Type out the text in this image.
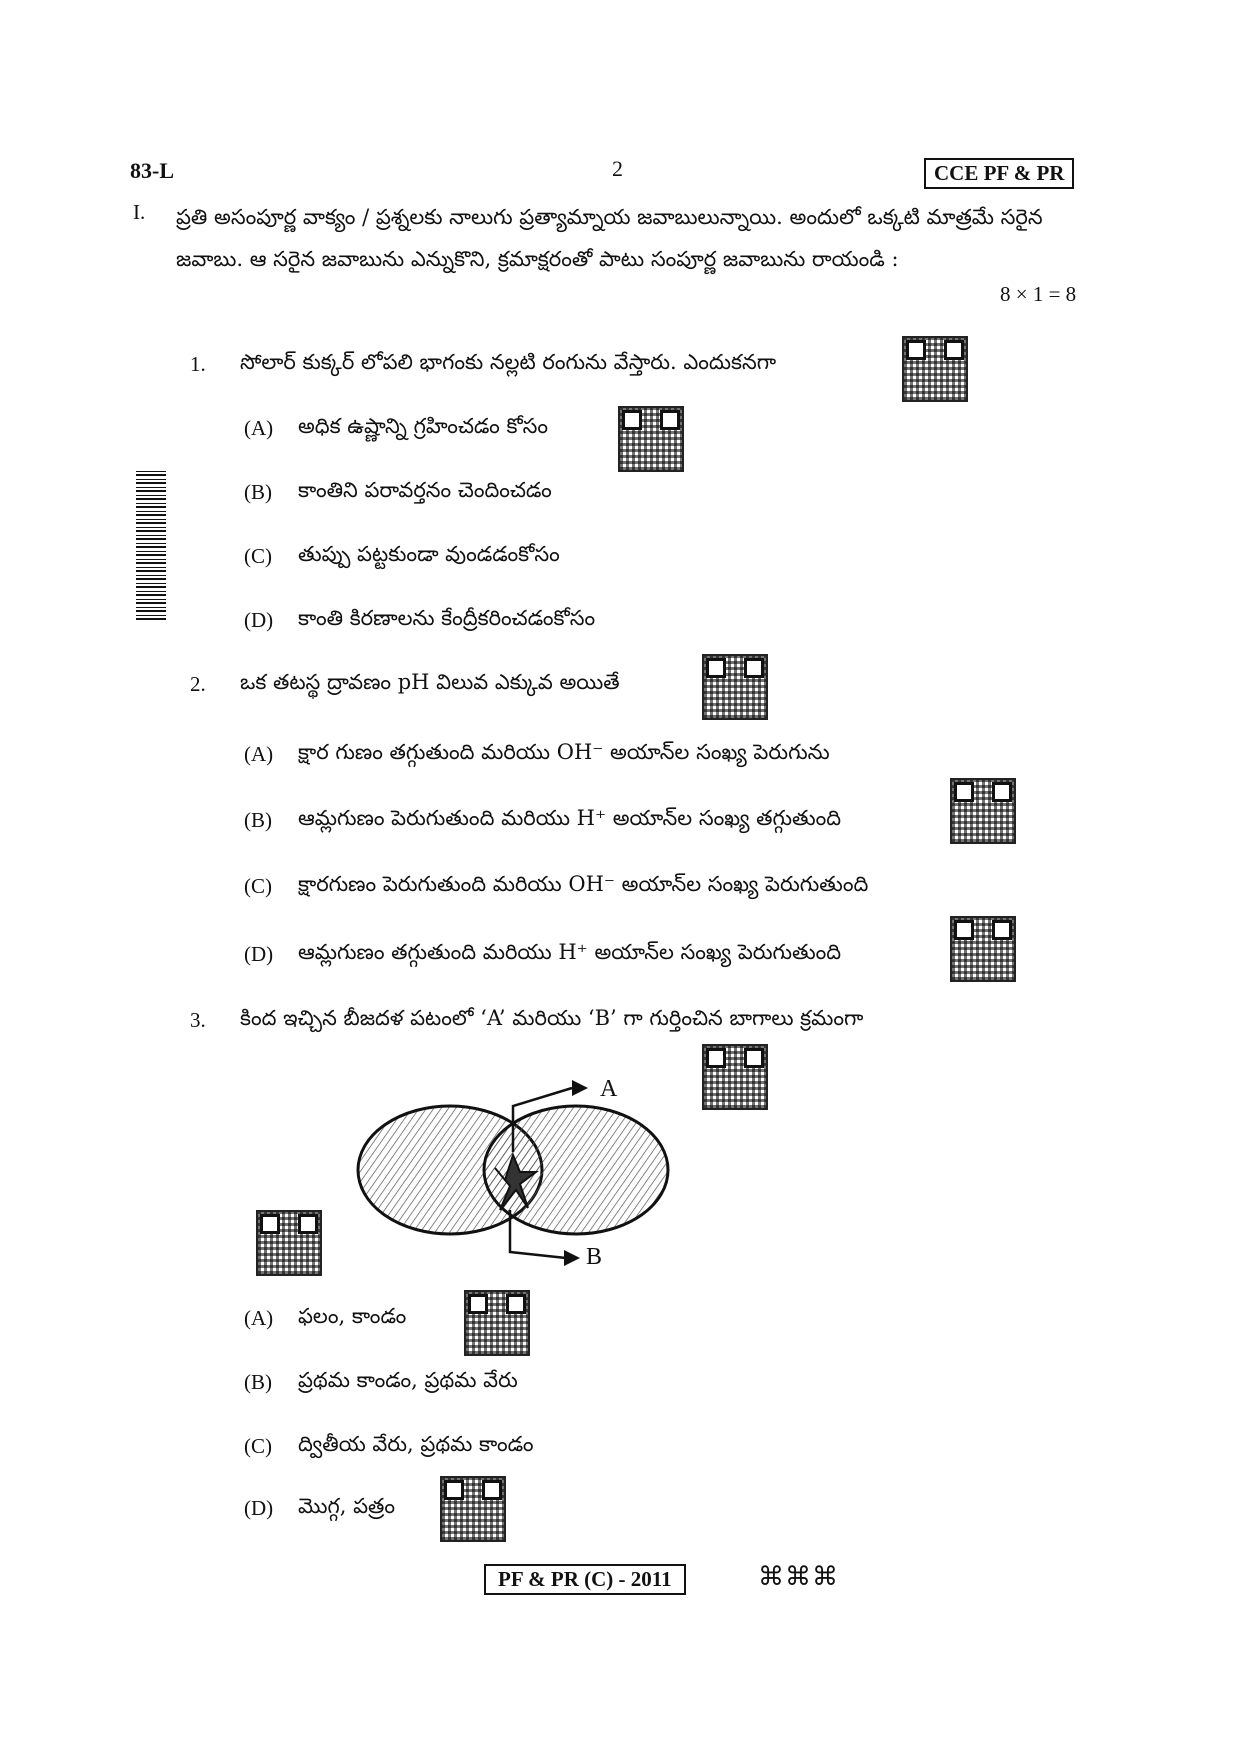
83-L	2	CCE PF & PR
I. ప్రతి అసంపూర్ణ వాక్యం / ప్రశ్నలకు నాలుగు ప్రత్యామ్నాయ జవాబులున్నాయి. అందులో ఒక్కటి మాత్రమే సరైన జవాబు. ఆ సరైన జవాబును ఎన్నుకొని, క్రమాక్షరంతో పాటు సంపూర్ణ జవాబును రాయండి :
8 × 1 = 8
1. సోలార్ కుక్కర్ లోపలి భాగంకు నల్లటి రంగును వేస్తారు. ఎందుకనగా
(A) అధిక ఉష్ణాన్ని గ్రహించడం కోసం
(B) కాంతిని పరావర్తనం చెందించడం
(C) తుప్పు పట్టకుండా వుండడంకోసం
(D) కాంతి కిరణాలను కేంద్రీకరించడంకోసం
2. ఒక తటస్థ ద్రావణం pH విలువ ఎక్కువ అయితే
(A) క్షార గుణం తగ్గుతుంది మరియు OH⁻ అయాన్‌ల సంఖ్య పెరుగును
(B) ఆమ్లగుణం పెరుగుతుంది మరియు H⁺ అయాన్‌ల సంఖ్య తగ్గుతుంది
(C) క్షారగుణం పెరుగుతుంది మరియు OH⁻ అయాన్‌ల సంఖ్య పెరుగుతుంది
(D) ఆమ్లగుణం తగ్గుతుంది మరియు H⁺ అయాన్‌ల సంఖ్య పెరుగుతుంది
3. కింద ఇచ్చిన బీజదళ పటంలో ‘A’ మరియు ‘B’ గా గుర్తించిన బాగాలు క్రమంగా
A
B
(A) ఫలం, కాండం
(B) ప్రథమ కాండం, ప్రథమ వేరు
(C) ద్వితీయ వేరు, ప్రథమ కాండం
(D) మొగ్గ, పత్రం
PF & PR (C) - 2011	⌘⌘⌘
